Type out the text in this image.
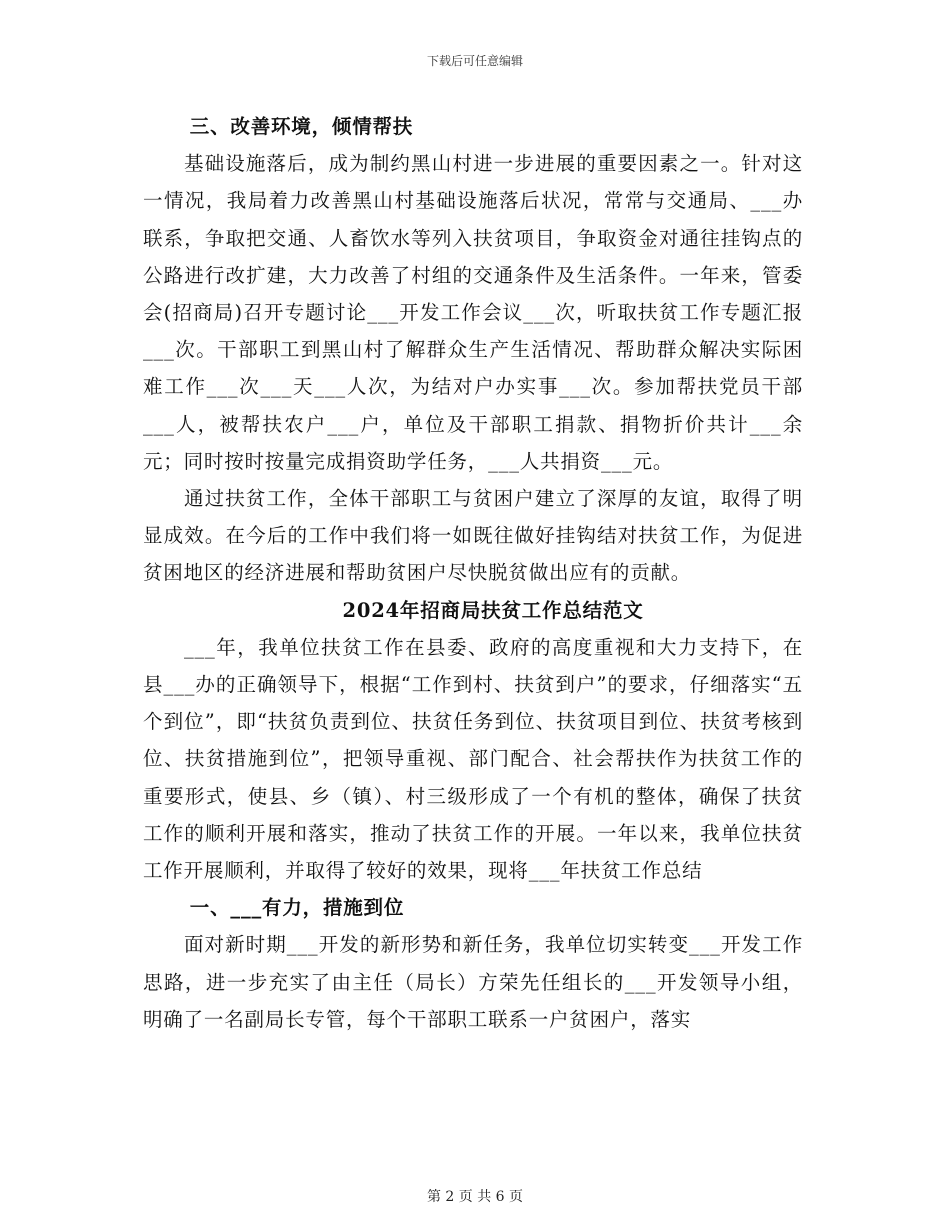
下载后可任意编辑

三、改善环境，倾情帮扶

基础设施落后，成为制约黑山村进一步进展的重要因素之一。针对这一情况，我局着力改善黑山村基础设施落后状况，常常与交通局、___办联系，争取把交通、人畜饮水等列入扶贫项目，争取资金对通往挂钩点的公路进行改扩建，大力改善了村组的交通条件及生活条件。一年来，管委会(招商局)召开专题讨论___开发工作会议___次，听取扶贫工作专题汇报___次。干部职工到黑山村了解群众生产生活情况、帮助群众解决实际困难工作___次___天___人次，为结对户办实事___次。参加帮扶党员干部___人，被帮扶农户___户，单位及干部职工捐款、捐物折价共计___余元；同时按时按量完成捐资助学任务，___人共捐资___元。

通过扶贫工作，全体干部职工与贫困户建立了深厚的友谊，取得了明显成效。在今后的工作中我们将一如既往做好挂钩结对扶贫工作，为促进贫困地区的经济进展和帮助贫困户尽快脱贫做出应有的贡献。

2024年招商局扶贫工作总结范文

___年，我单位扶贫工作在县委、政府的高度重视和大力支持下，在县___办的正确领导下，根据“工作到村、扶贫到户”的要求，仔细落实“五个到位”，即“扶贫负责到位、扶贫任务到位、扶贫项目到位、扶贫考核到位、扶贫措施到位”，把领导重视、部门配合、社会帮扶作为扶贫工作的重要形式，使县、乡（镇）、村三级形成了一个有机的整体，确保了扶贫工作的顺利开展和落实，推动了扶贫工作的开展。一年以来，我单位扶贫工作开展顺利，并取得了较好的效果，现将___年扶贫工作总结

一、___有力，措施到位

面对新时期___开发的新形势和新任务，我单位切实转变___开发工作思路，进一步充实了由主任（局长）方荣先任组长的___开发领导小组，明确了一名副局长专管，每个干部职工联系一户贫困户，落实

第 2 页 共 6 页
